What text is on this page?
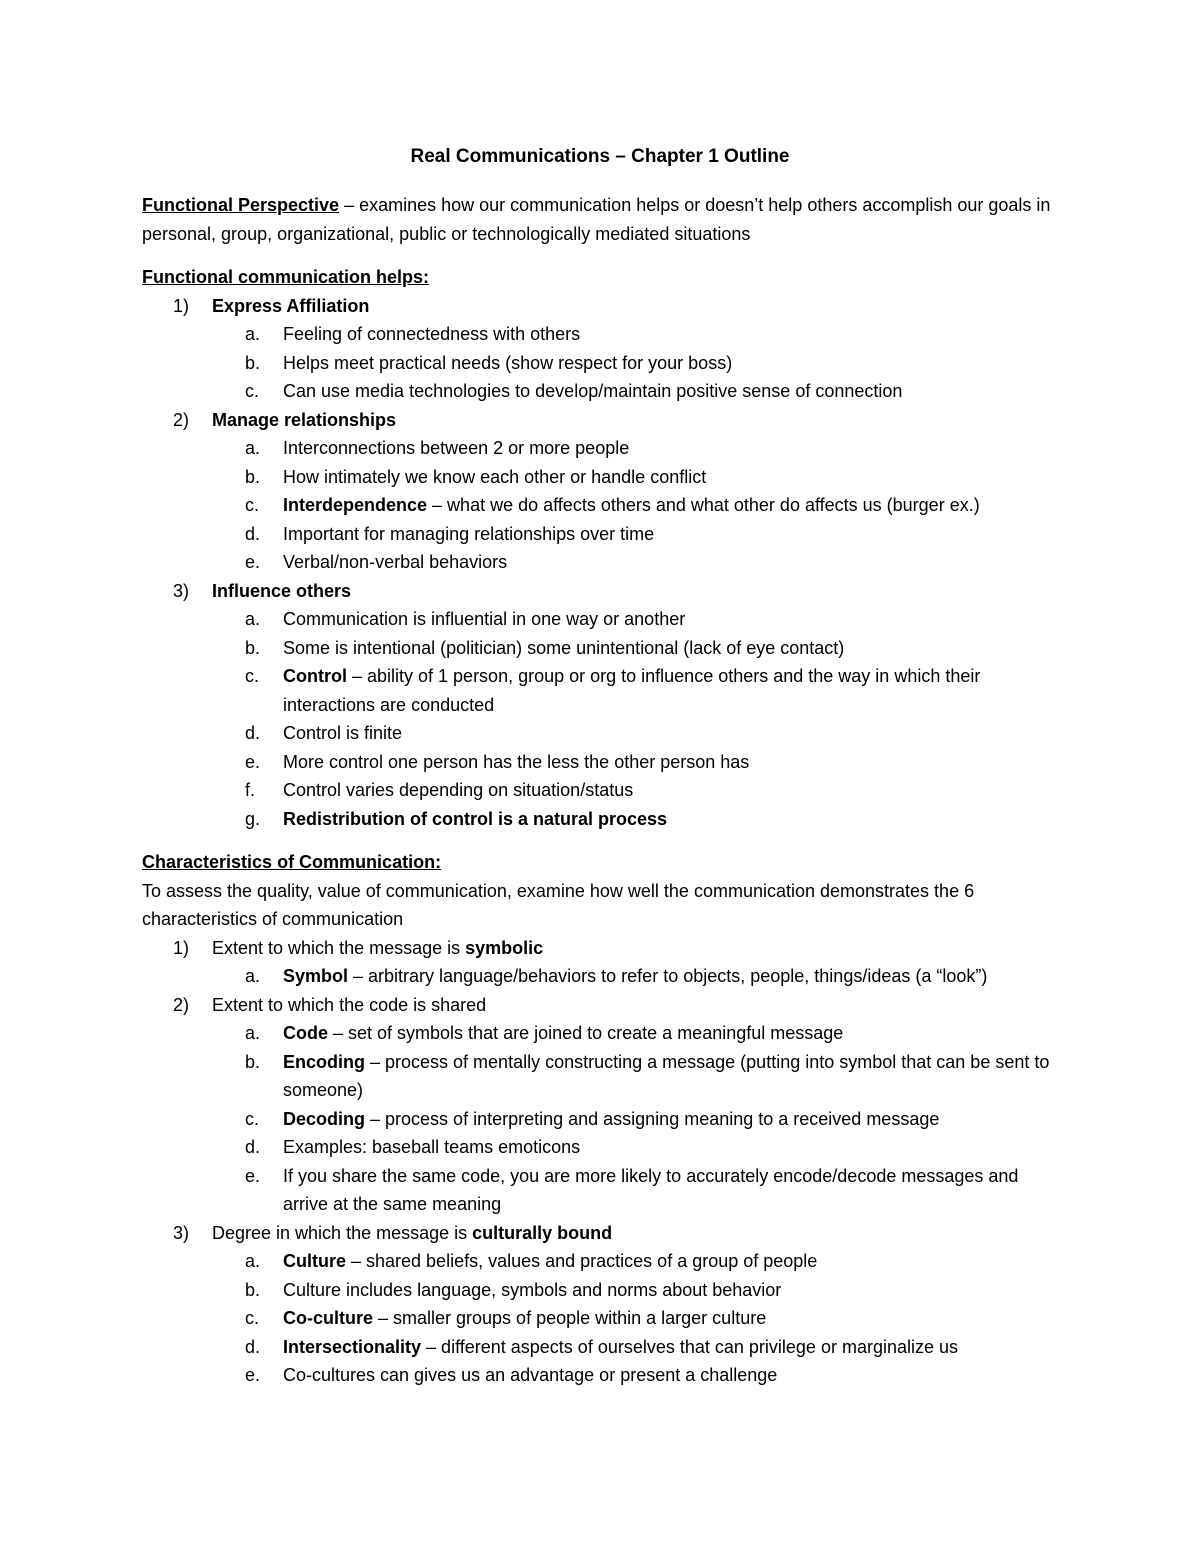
Real Communications – Chapter 1 Outline
Functional Perspective – examines how our communication helps or doesn’t help others accomplish our goals in personal, group, organizational, public or technologically mediated situations
Functional communication helps:
1) Express Affiliation
a. Feeling of connectedness with others
b. Helps meet practical needs (show respect for your boss)
c. Can use media technologies to develop/maintain positive sense of connection
2) Manage relationships
a. Interconnections between 2 or more people
b. How intimately we know each other or handle conflict
c. Interdependence – what we do affects others and what other do affects us (burger ex.)
d. Important for managing relationships over time
e. Verbal/non-verbal behaviors
3) Influence others
a. Communication is influential in one way or another
b. Some is intentional (politician) some unintentional (lack of eye contact)
c. Control – ability of 1 person, group or org to influence others and the way in which their interactions are conducted
d. Control is finite
e. More control one person has the less the other person has
f. Control varies depending on situation/status
g. Redistribution of control is a natural process
Characteristics of Communication:
To assess the quality, value of communication, examine how well the communication demonstrates the 6 characteristics of communication
1) Extent to which the message is symbolic
a. Symbol – arbitrary language/behaviors to refer to objects, people, things/ideas (a “look”)
2) Extent to which the code is shared
a. Code – set of symbols that are joined to create a meaningful message
b. Encoding – process of mentally constructing a message (putting into symbol that can be sent to someone)
c. Decoding – process of interpreting and assigning meaning to a received message
d. Examples: baseball teams emoticons
e. If you share the same code, you are more likely to accurately encode/decode messages and arrive at the same meaning
3) Degree in which the message is culturally bound
a. Culture – shared beliefs, values and practices of a group of people
b. Culture includes language, symbols and norms about behavior
c. Co-culture – smaller groups of people within a larger culture
d. Intersectionality – different aspects of ourselves that can privilege or marginalize us
e. Co-cultures can gives us an advantage or present a challenge
